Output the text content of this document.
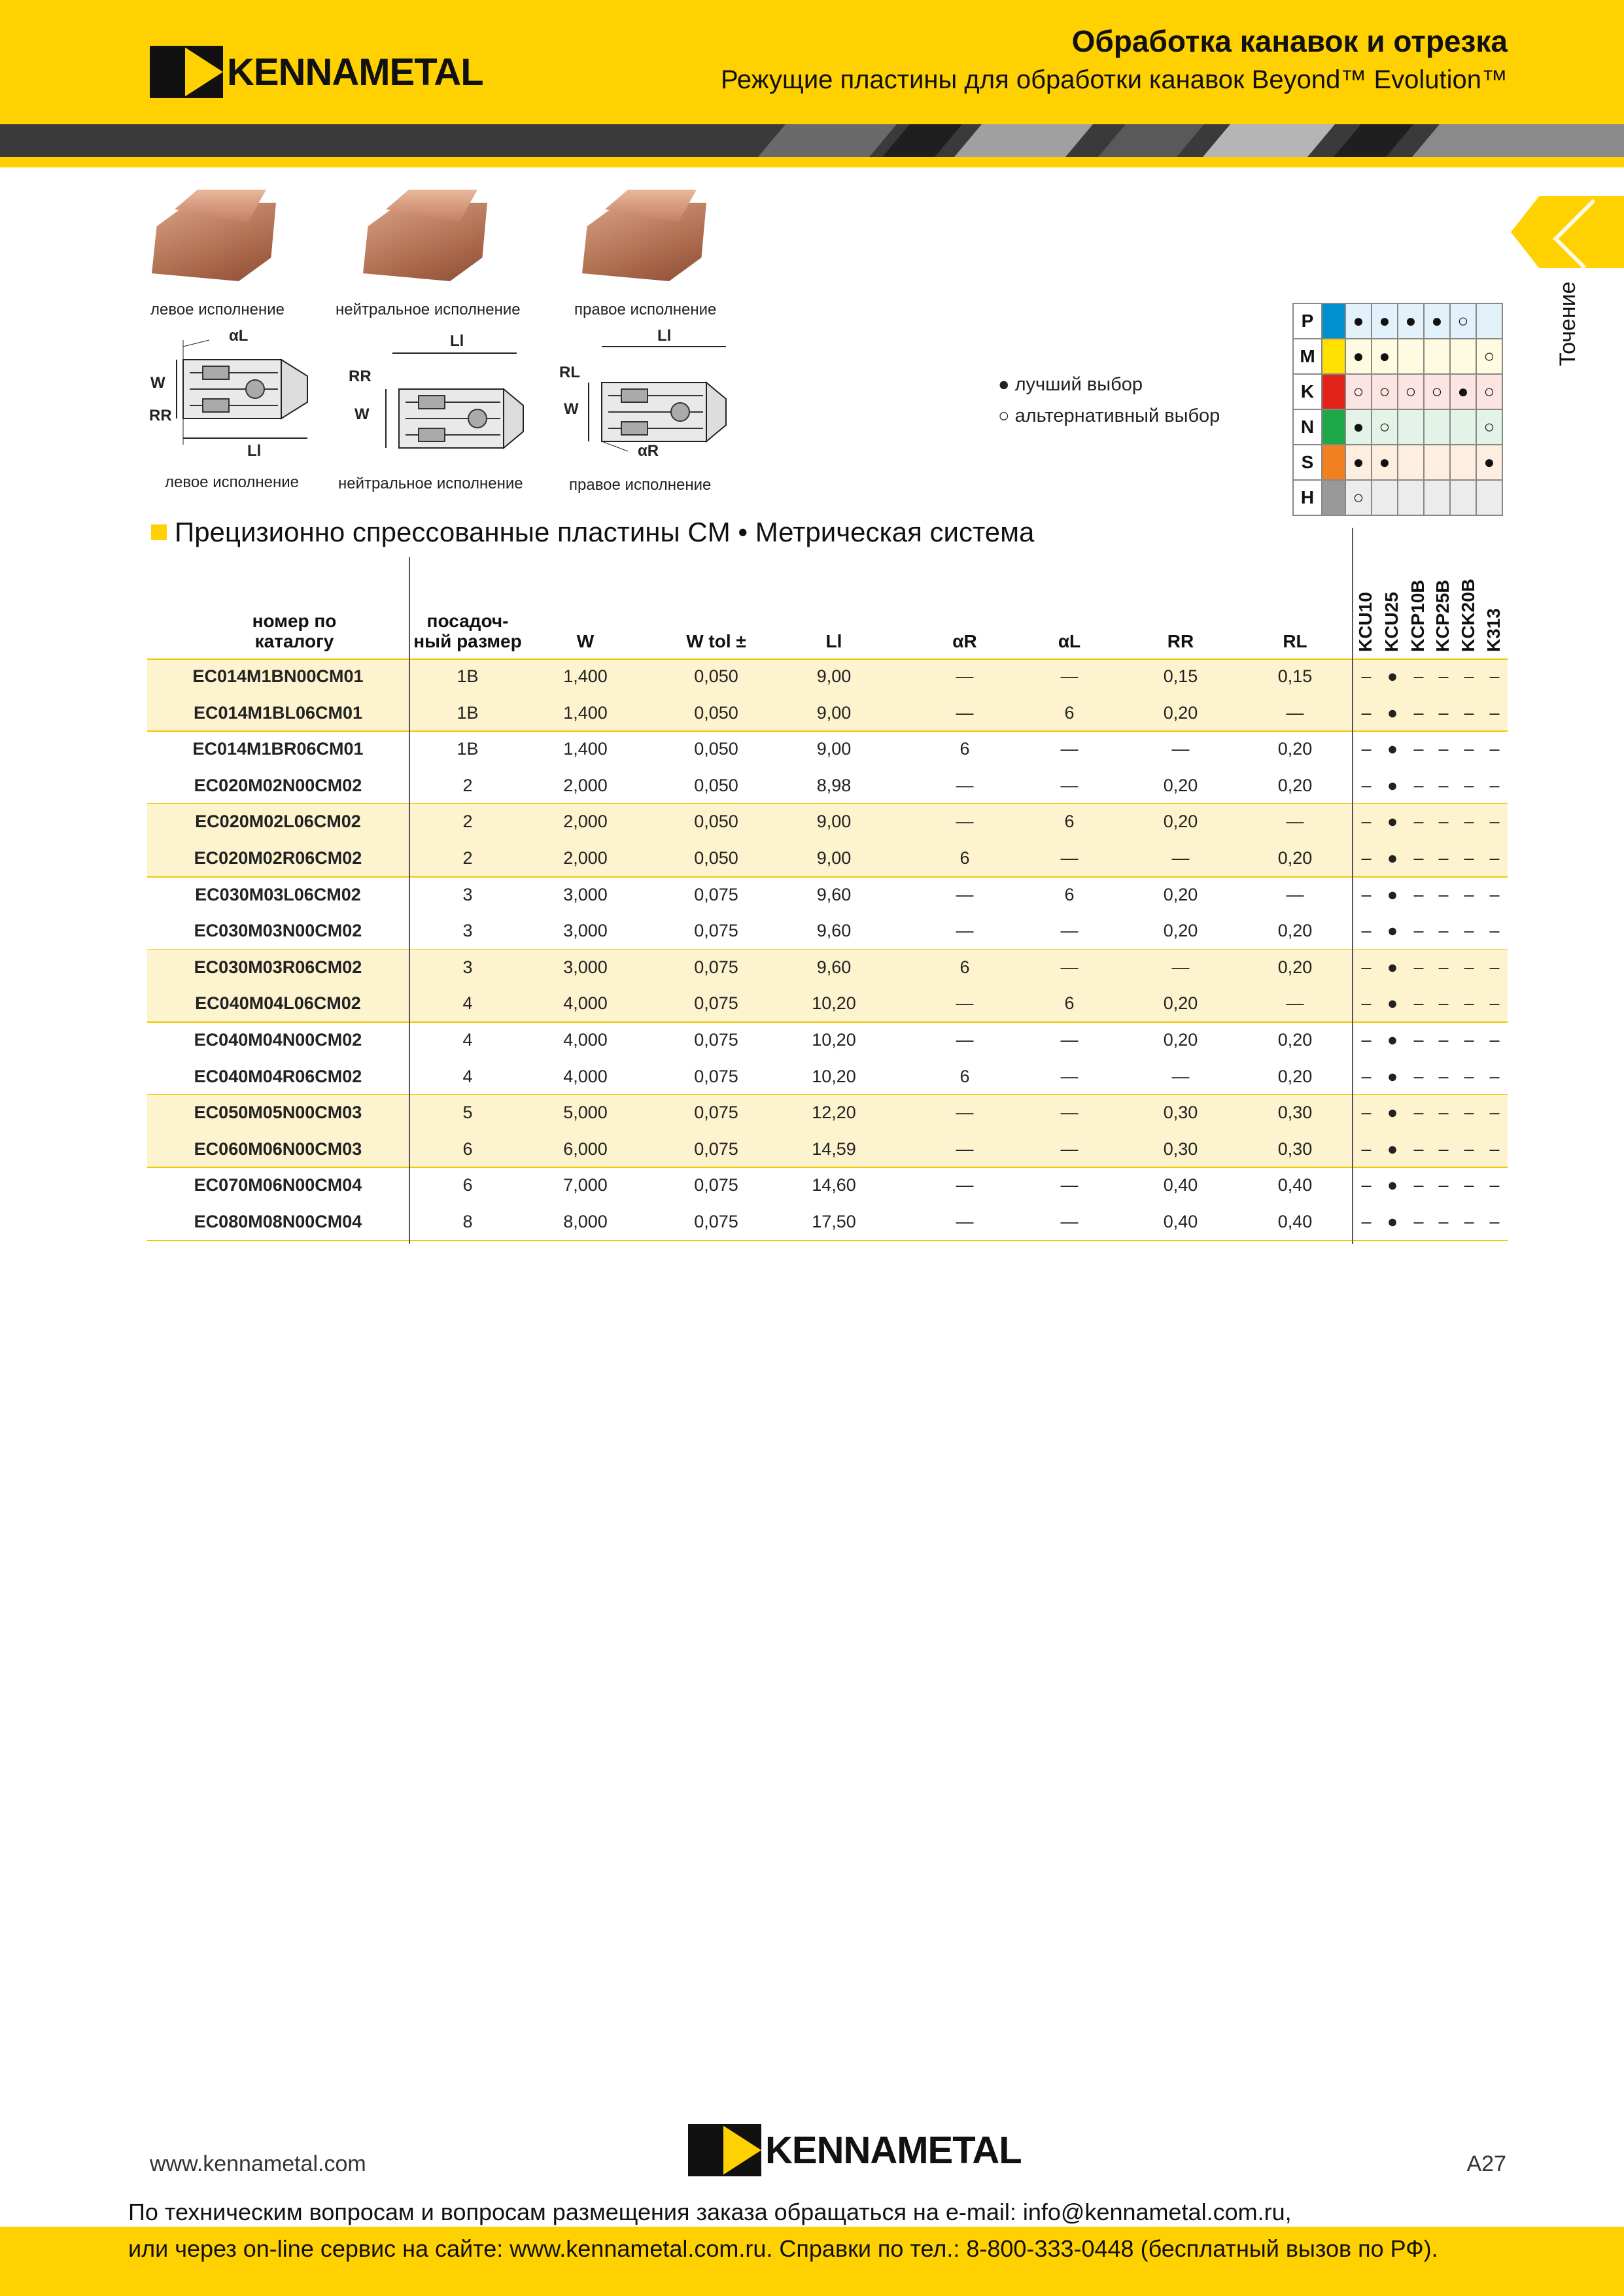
KENNAMETAL
Обработка канавок и отрезка
Режущие пластины для обработки канавок Beyond™ Evolution™
Точение
левое исполнение	нейтральное исполнение	правое исполнение
αL
W
RR
Ll
левое исполнение
Ll
RR
W
нейтральное исполнение
Ll
RL
W
αR
правое исполнение
● лучший выбор
○ альтернативный выбор
P		●	●	●	●	○	
M		●	●				○
K		○	○	○	○	●	○
N		●	○				○
S		●	●				●
H		○					
Прецизионно спрессованные пластины CM • Метрическая система
номер по каталогу
посадоч- ный размер	W	W tol ±	Ll	αR	αL	RR	RL	KCU10 KCU25 KCP10B KCP25B KCK20B K313
EC014M1BN00CM01	1B	1,400	0,050	9,00	—	—	0,15	0,15	– ● – – – –
EC014M1BL06CM01	1B	1,400	0,050	9,00	—	6	0,20	—	– ● – – – –
EC014M1BR06CM01	1B	1,400	0,050	9,00	6	—	—	0,20	– ● – – – –
EC020M02N00CM02	2	2,000	0,050	8,98	—	—	0,20	0,20	– ● – – – –
EC020M02L06CM02	2	2,000	0,050	9,00	—	6	0,20	—	– ● – – – –
EC020M02R06CM02	2	2,000	0,050	9,00	6	—	—	0,20	– ● – – – –
EC030M03L06CM02	3	3,000	0,075	9,60	—	6	0,20	—	– ● – – – –
EC030M03N00CM02	3	3,000	0,075	9,60	—	—	0,20	0,20	– ● – – – –
EC030M03R06CM02	3	3,000	0,075	9,60	6	—	—	0,20	– ● – – – –
EC040M04L06CM02	4	4,000	0,075	10,20	—	6	0,20	—	– ● – – – –
EC040M04N00CM02	4	4,000	0,075	10,20	—	—	0,20	0,20	– ● – – – –
EC040M04R06CM02	4	4,000	0,075	10,20	6	—	—	0,20	– ● – – – –
EC050M05N00CM03	5	5,000	0,075	12,20	—	—	0,30	0,30	– ● – – – –
EC060M06N00CM03	6	6,000	0,075	14,59	—	—	0,30	0,30	– ● – – – –
EC070M06N00CM04	6	7,000	0,075	14,60	—	—	0,40	0,40	– ● – – – –
EC080M08N00CM04	8	8,000	0,075	17,50	—	—	0,40	0,40	– ● – – – –
www.kennametal.com	KENNAMETAL	A27
По техническим вопросам и вопросам размещения заказа обращаться на e-mail: info@kennametal.com.ru,
или через on-line сервис на сайте: www.kennametal.com.ru. Справки по тел.: 8-800-333-0448 (бесплатный вызов по РФ).
